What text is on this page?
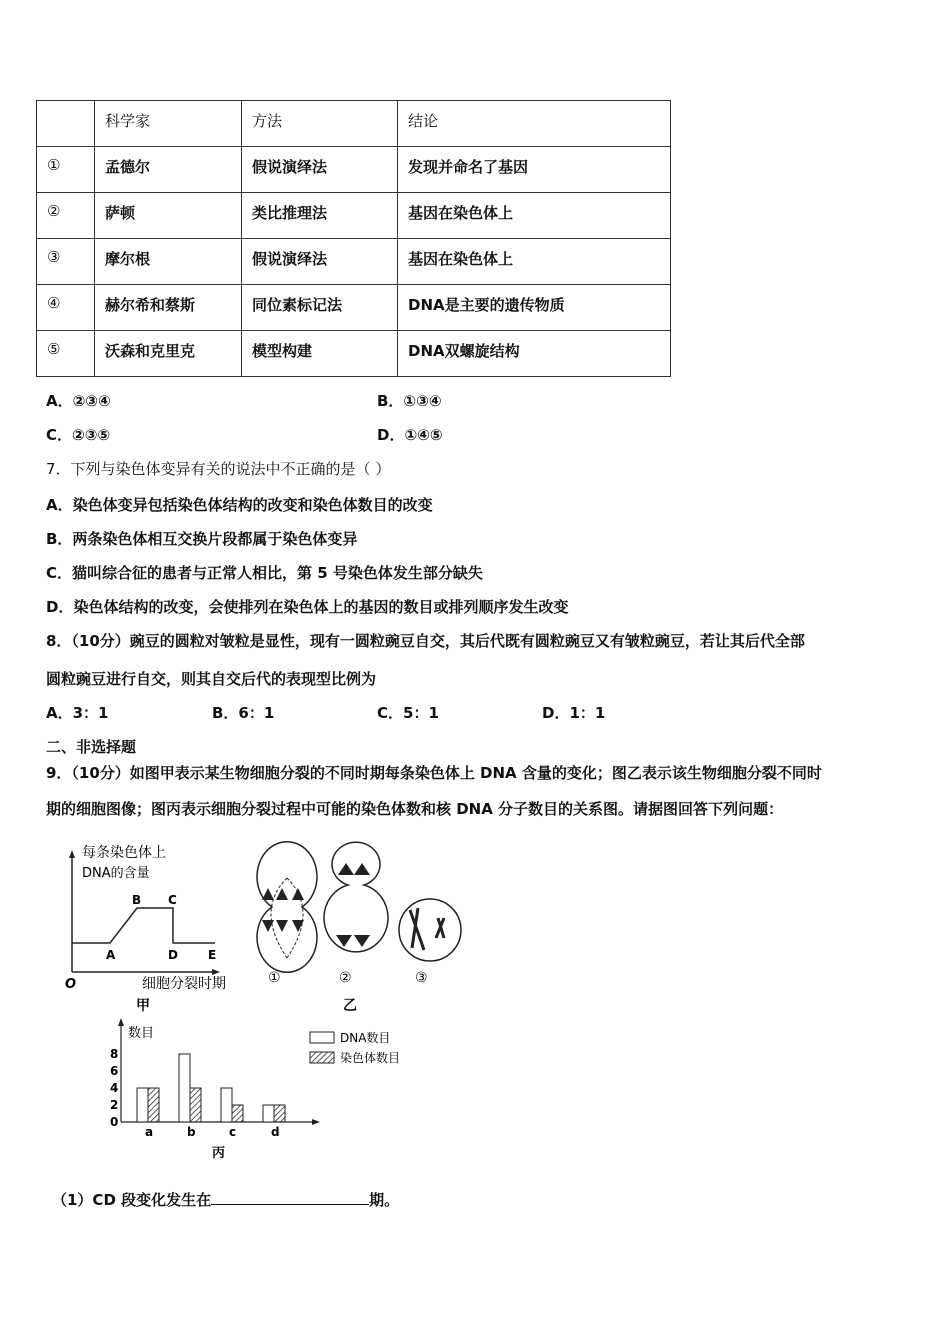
	科学家	方法	结论
①	孟德尔	假说演绎法	发现并命名了基因
②	萨顿	类比推理法	基因在染色体上
③	摩尔根	假说演绎法	基因在染色体上
④	赫尔希和蔡斯	同位素标记法	DNA是主要的遗传物质
⑤	沃森和克里克	模型构建	DNA双螺旋结构
A．②③④	B．①③④
C．②③⑤	D．①④⑤
7．下列与染色体变异有关的说法中不正确的是（ ）
A．染色体变异包括染色体结构的改变和染色体数目的改变
B．两条染色体相互交换片段都属于染色体变异
C．猫叫综合征的患者与正常人相比，第 5 号染色体发生部分缺失
D．染色体结构的改变，会使排列在染色体上的基因的数目或排列顺序发生改变
8．（10分）豌豆的圆粒对皱粒是显性，现有一圆粒豌豆自交，其后代既有圆粒豌豆又有皱粒豌豆，若让其后代全部
圆粒豌豆进行自交，则其自交后代的表现型比例为
A．3：1	B．6：1	C．5：1	D．1：1
二、非选择题
9．（10分）如图甲表示某生物细胞分裂的不同时期每条染色体上 DNA 含量的变化；图乙表示该生物细胞分裂不同时
期的细胞图像；图丙表示细胞分裂过程中可能的染色体数和核 DNA 分子数目的关系图。请据图回答下列问题：
每条染色体上
DNA的含量
O	细胞分裂时期
A
B C
D	E
甲
①	②	③
乙
数目
丙
DNA数目
染色体数目
0
2
4
6
8
a	b	c	d
（1）CD 段变化发生在	期。
